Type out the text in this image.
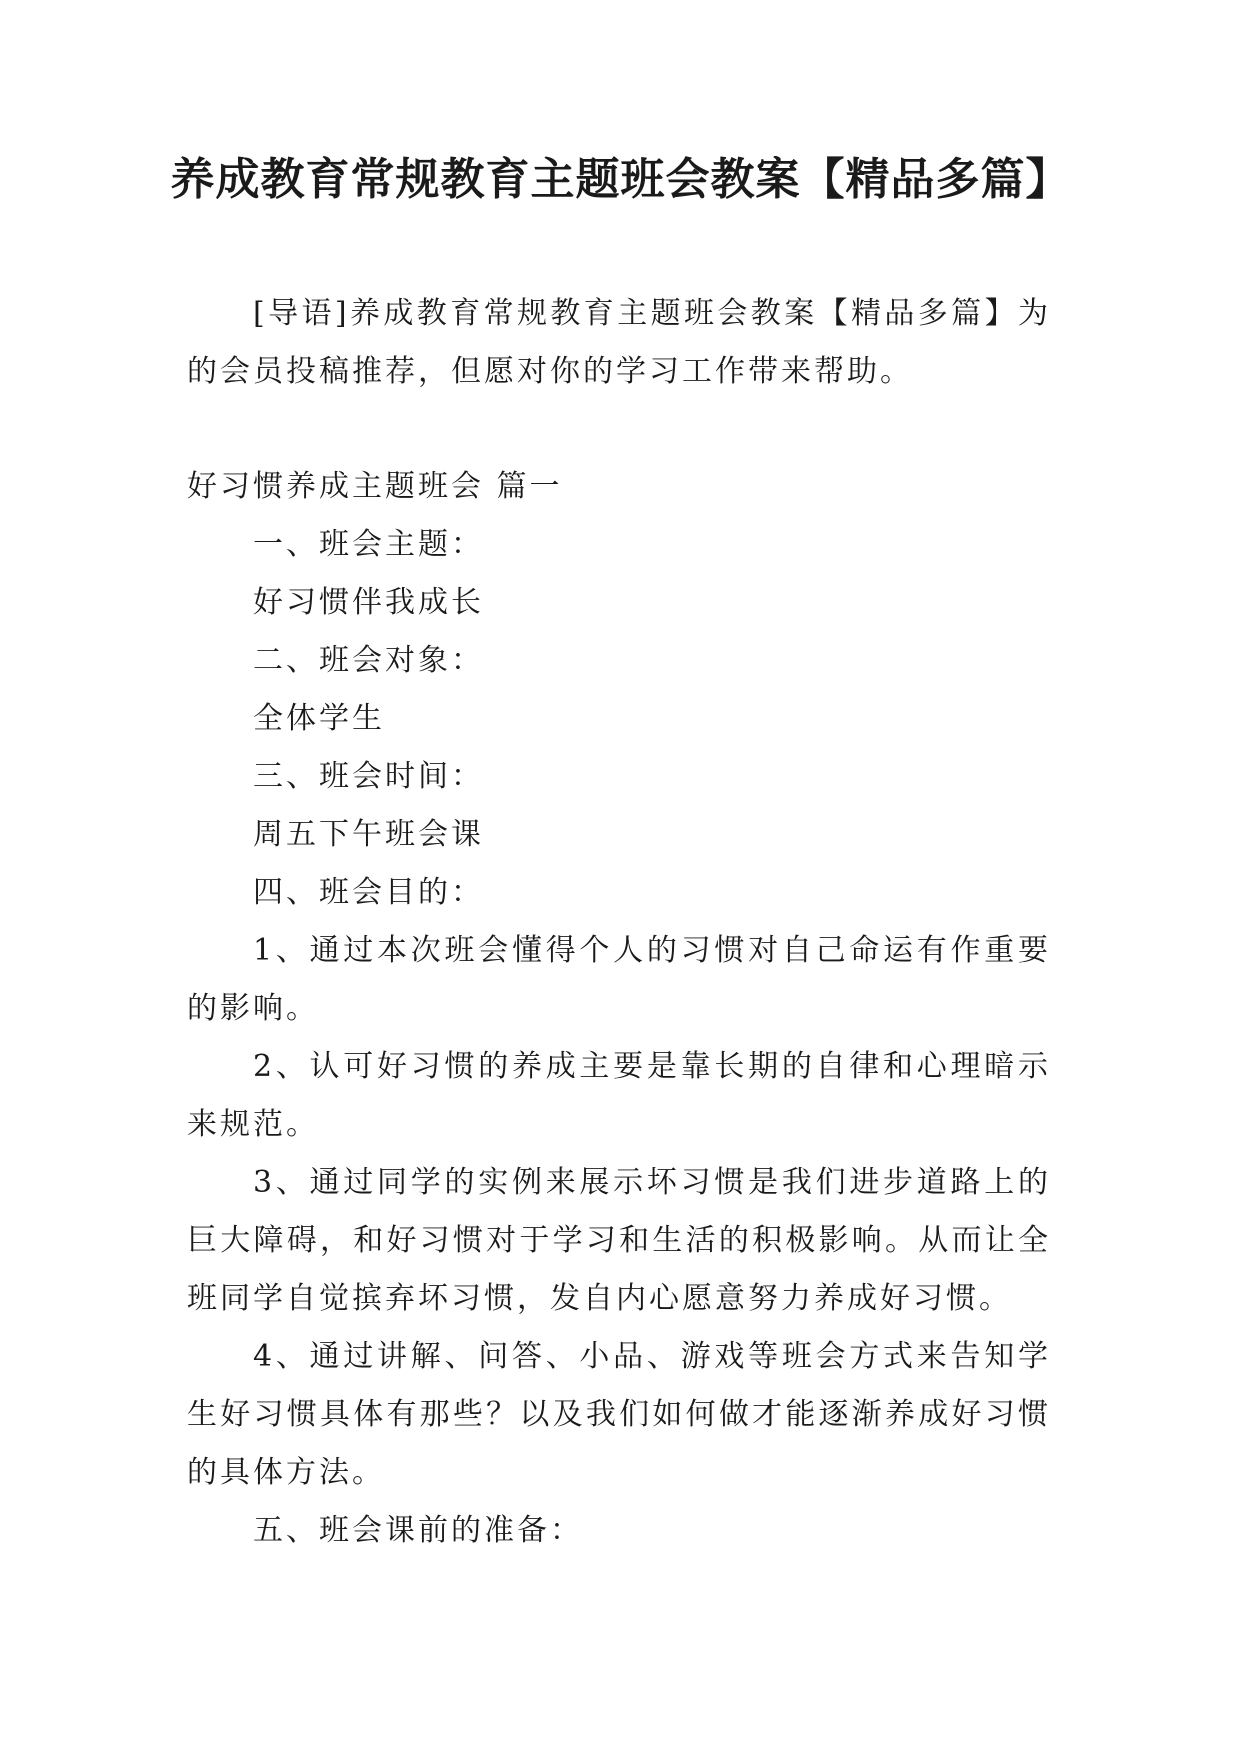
养成教育常规教育主题班会教案【精品多篇】

[导语]养成教育常规教育主题班会教案【精品多篇】为的会员投稿推荐，但愿对你的学习工作带来帮助。

好习惯养成主题班会 篇一

一、班会主题：

好习惯伴我成长

二、班会对象：

全体学生

三、班会时间：

周五下午班会课

四、班会目的：

1、通过本次班会懂得个人的习惯对自己命运有作重要的影响。

2、认可好习惯的养成主要是靠长期的自律和心理暗示来规范。

3、通过同学的实例来展示坏习惯是我们进步道路上的巨大障碍，和好习惯对于学习和生活的积极影响。从而让全班同学自觉摈弃坏习惯，发自内心愿意努力养成好习惯。

4、通过讲解、问答、小品、游戏等班会方式来告知学生好习惯具体有那些？以及我们如何做才能逐渐养成好习惯的具体方法。

五、班会课前的准备：
